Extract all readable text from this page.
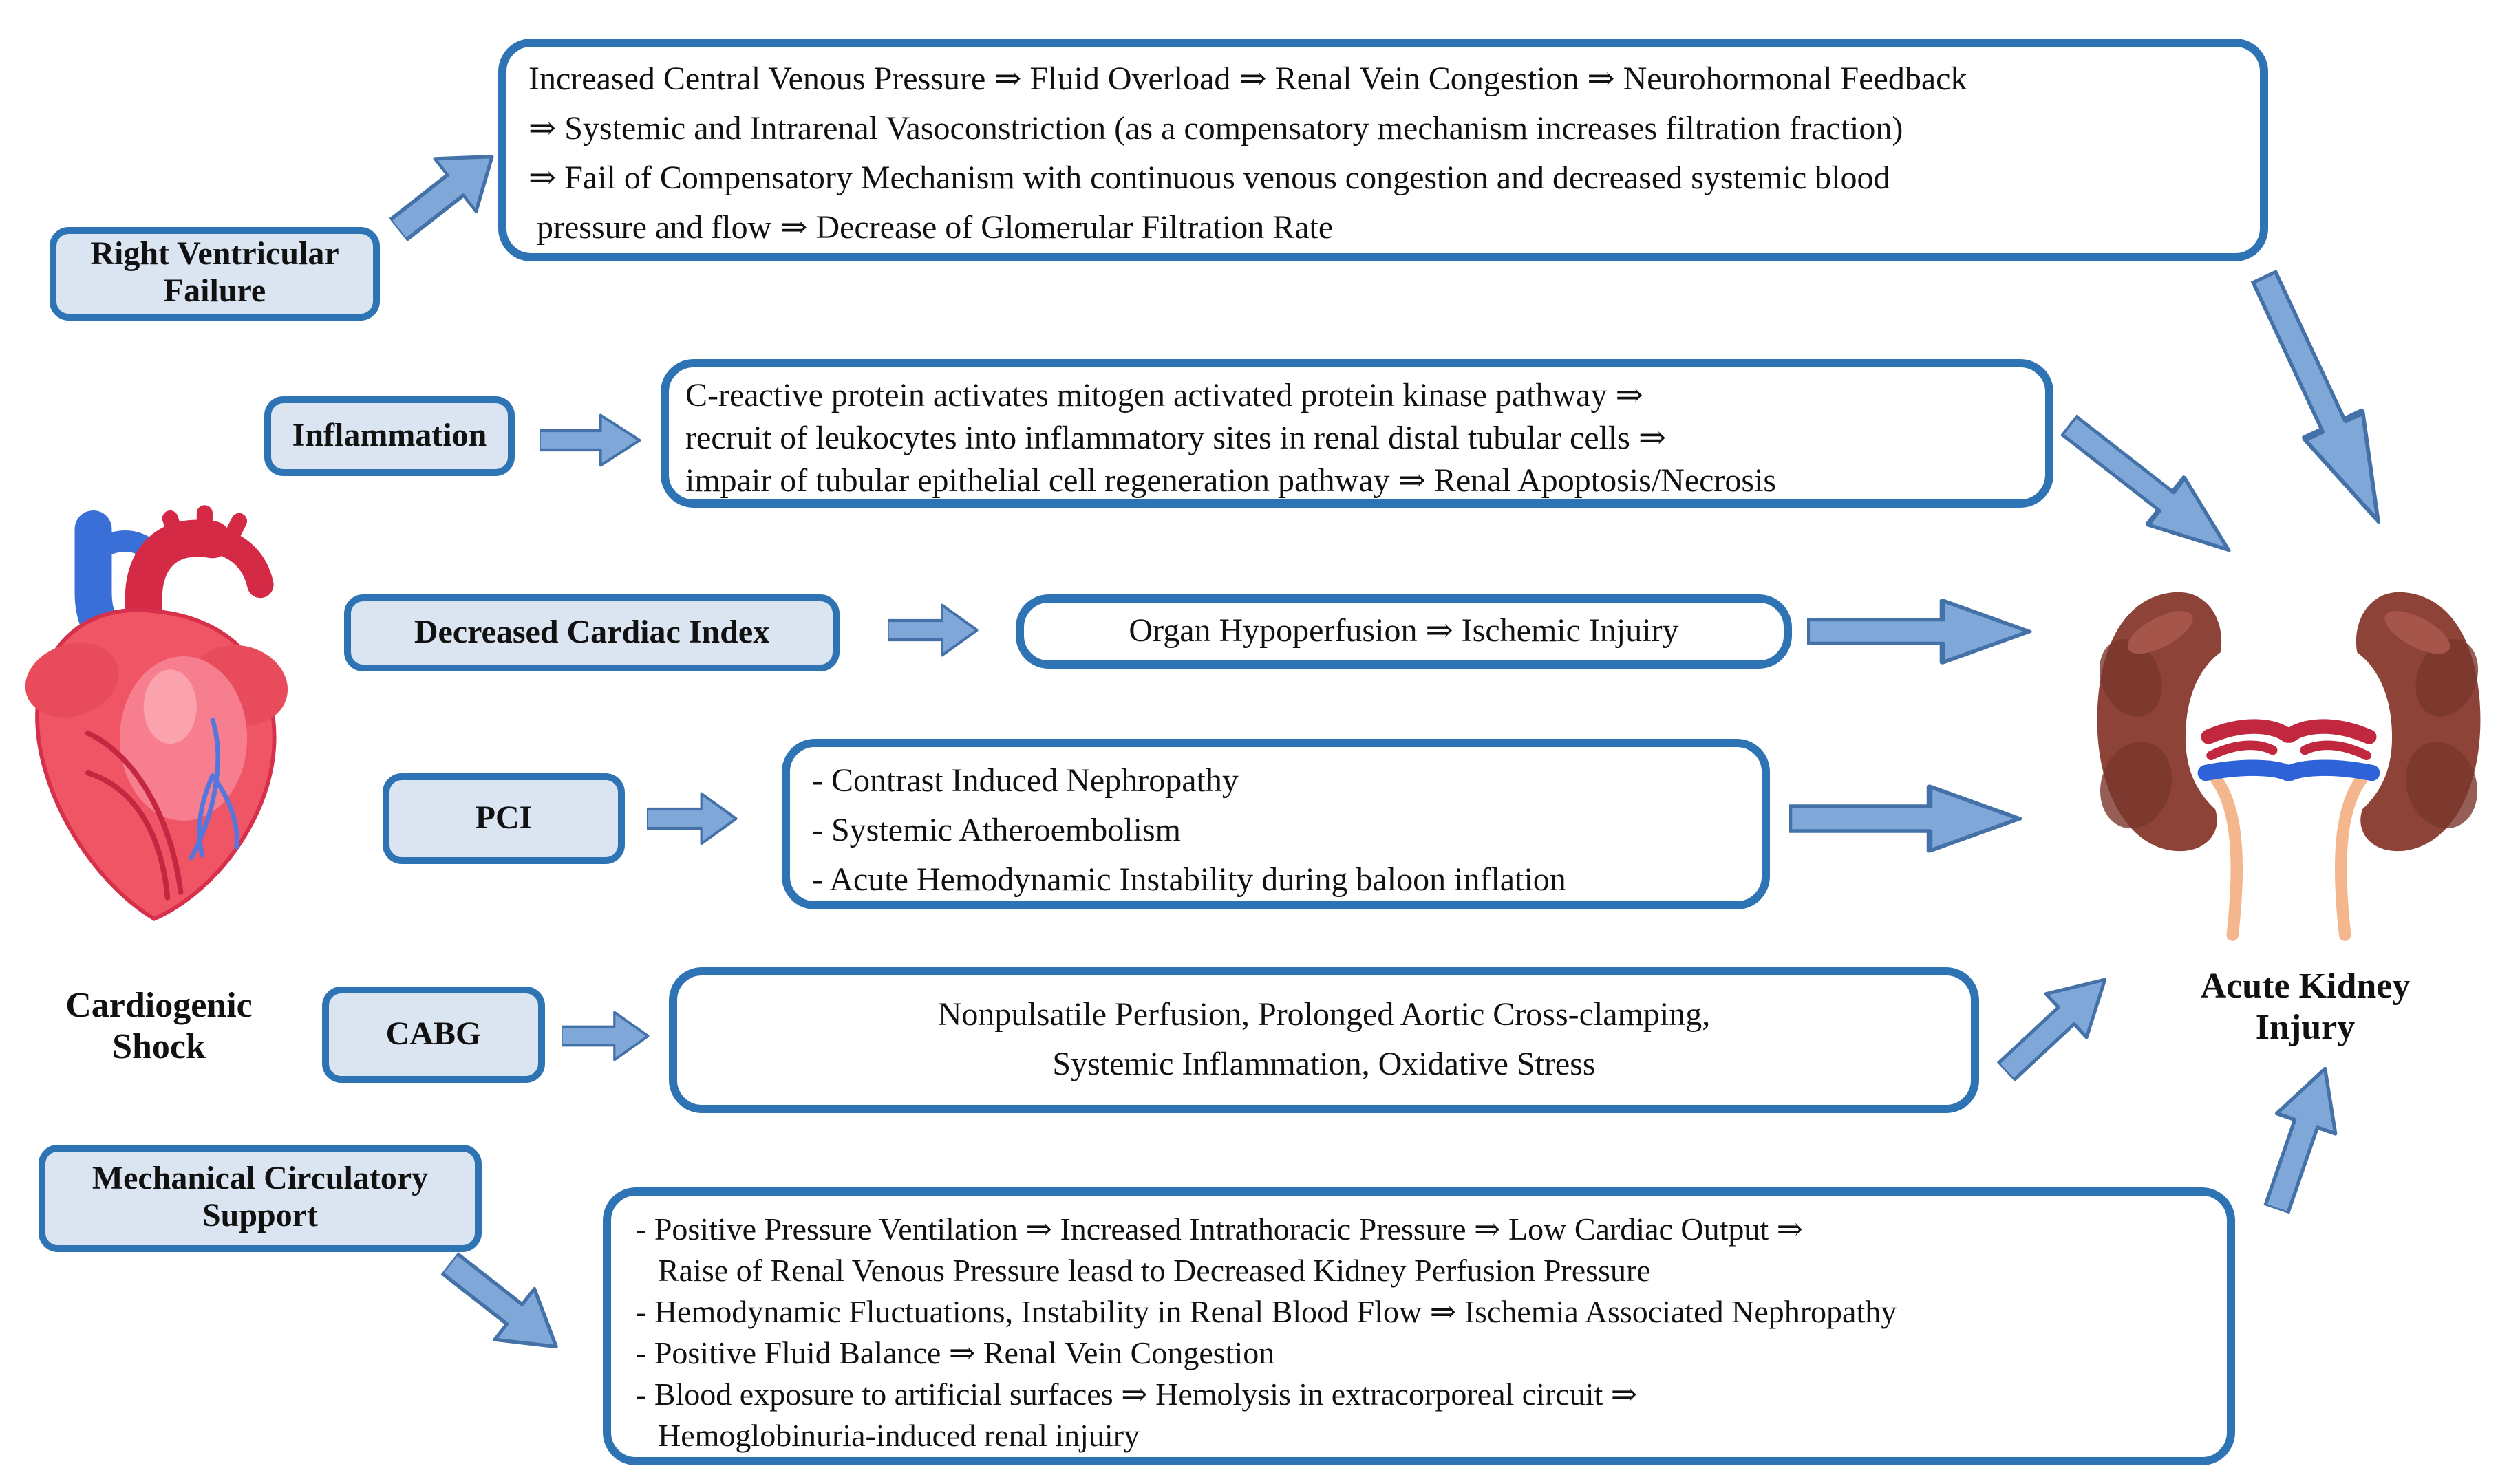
Increased Central Venous Pressure ⇒ Fluid Overload ⇒ Renal Vein Congestion ⇒ Neurohormonal Feedback
⇒ Systemic and Intrarenal Vasoconstriction (as a compensatory mechanism increases filtration fraction)
⇒ Fail of Compensatory Mechanism with continuous venous congestion and decreased systemic blood
pressure and flow ⇒ Decrease of Glomerular Filtration Rate
C-reactive protein activates mitogen activated protein kinase pathway ⇒
recruit of leukocytes into inflammatory sites in renal distal tubular cells ⇒
impair of tubular epithelial cell regeneration pathway ⇒ Renal Apoptosis/Necrosis
Organ Hypoperfusion ⇒ Ischemic Injuiry
- Contrast Induced Nephropathy
- Systemic Atheroembolism
- Acute Hemodynamic Instability during baloon inflation
Nonpulsatile Perfusion, Prolonged Aortic Cross-clamping,
Systemic Inflammation, Oxidative Stress
- Positive Pressure Ventilation ⇒ Increased Intrathoracic Pressure ⇒ Low Cardiac Output ⇒
Raise of Renal Venous Pressure leasd to Decreased Kidney Perfusion Pressure
- Hemodynamic Fluctuations, Instability in Renal Blood Flow ⇒ Ischemia Associated Nephropathy
- Positive Fluid Balance ⇒ Renal Vein Congestion
- Blood exposure to artificial surfaces ⇒ Hemolysis in extracorporeal circuit ⇒
Hemoglobinuria-induced renal injuiry
Right Ventricular Failure
Inflammation
Decreased Cardiac Index
PCI
CABG
Mechanical Circulatory Support
Cardiogenic Shock
Acute Kidney Injury
